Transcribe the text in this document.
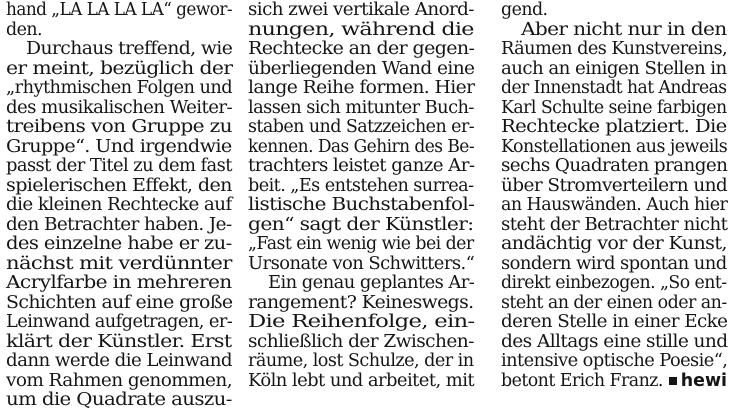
hand „LA LA LA LA“ gewor-
den.
Durchaus treffend, wie
er meint, bezüglich der
„rhythmischen Folgen und
des musikalischen Weiter-
treibens von Gruppe zu
Gruppe“. Und irgendwie
passt der Titel zu dem fast
spielerischen Effekt, den
die kleinen Rechtecke auf
den Betrachter haben. Je-
des einzelne habe er zu-
nächst mit verdünnter
Acrylfarbe in mehreren
Schichten auf eine große
Leinwand aufgetragen, er-
klärt der Künstler. Erst
dann werde die Leinwand
vom Rahmen genommen,
um die Quadrate auszu-
sich zwei vertikale Anord-
nungen, während die
Rechtecke an der gegen-
überliegenden Wand eine
lange Reihe formen. Hier
lassen sich mitunter Buch-
staben und Satzzeichen er-
kennen. Das Gehirn des Be-
trachters leistet ganze Ar-
beit. „Es entstehen surrea-
listische Buchstabenfol-
gen“ sagt der Künstler:
„Fast ein wenig wie bei der
Ursonate von Schwitters.“
Ein genau geplantes Ar-
rangement? Keineswegs.
Die Reihenfolge, ein-
schließlich der Zwischen-
räume, lost Schulze, der in
Köln lebt und arbeitet, mit
gend.
Aber nicht nur in den
Räumen des Kunstvereins,
auch an einigen Stellen in
der Innenstadt hat Andreas
Karl Schulte seine farbigen
Rechtecke platziert. Die
Konstellationen aus jeweils
sechs Quadraten prangen
über Stromverteilern und
an Hauswänden. Auch hier
steht der Betrachter nicht
andächtig vor der Kunst,
sondern wird spontan und
direkt einbezogen. „So ent-
steht an der einen oder an-
deren Stelle in einer Ecke
des Alltags eine stille und
intensive optische Poesie“,
betont Erich Franz.	hewi
